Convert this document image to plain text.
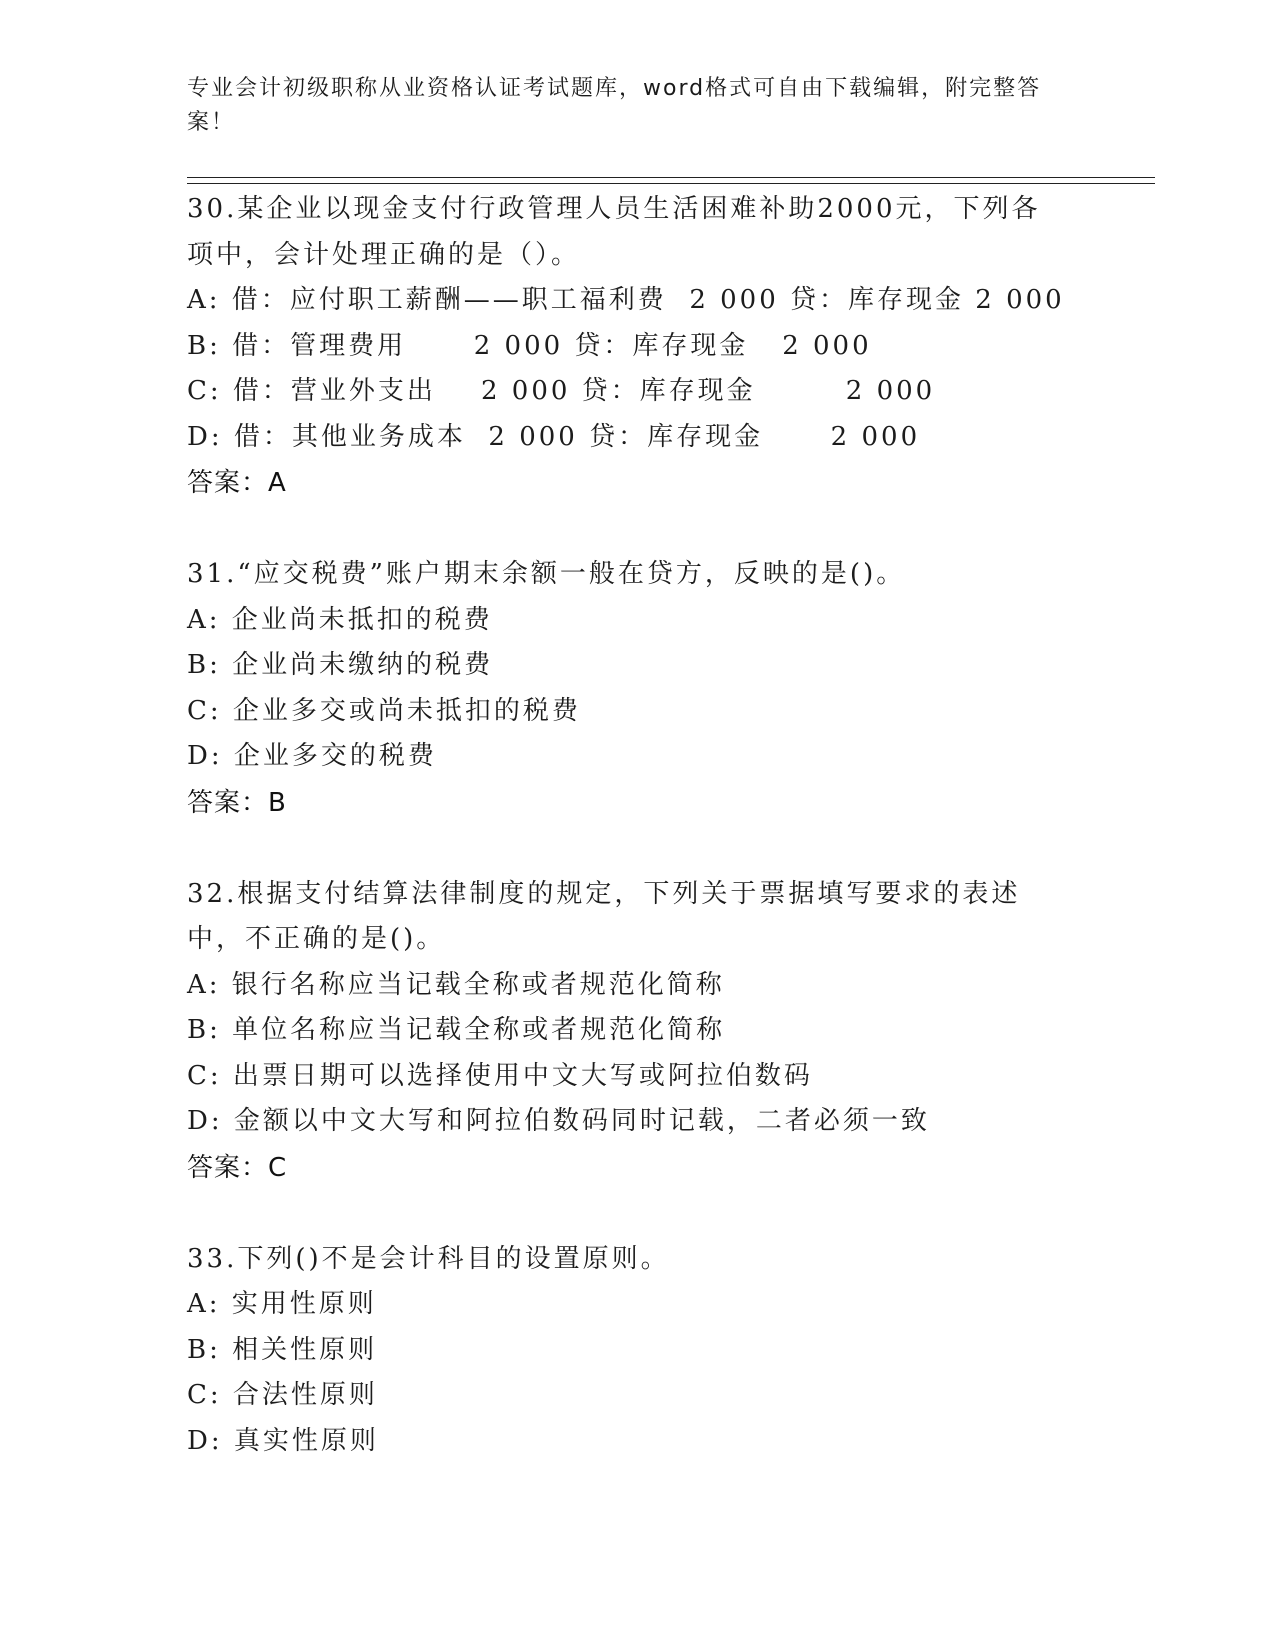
专业会计初级职称从业资格认证考试题库，word格式可自由下载编辑，附完整答案！
30.某企业以现金支付行政管理人员生活困难补助2000元，下列各项中，会计处理正确的是（）。
A: 借：应付职工薪酬——职工福利费  2 000 贷：库存现金 2 000
B: 借：管理费用      2 000 贷：库存现金   2 000
C: 借：营业外支出    2 000 贷：库存现金        2 000
D: 借：其他业务成本  2 000 贷：库存现金      2 000
答案：A
31.“应交税费”账户期末余额一般在贷方，反映的是()。
A: 企业尚未抵扣的税费
B: 企业尚未缴纳的税费
C: 企业多交或尚未抵扣的税费
D: 企业多交的税费
答案：B
32.根据支付结算法律制度的规定，下列关于票据填写要求的表述中，不正确的是()。
A: 银行名称应当记载全称或者规范化简称
B: 单位名称应当记载全称或者规范化简称
C: 出票日期可以选择使用中文大写或阿拉伯数码
D: 金额以中文大写和阿拉伯数码同时记载，二者必须一致
答案：C
33.下列()不是会计科目的设置原则。
A: 实用性原则
B: 相关性原则
C: 合法性原则
D: 真实性原则
